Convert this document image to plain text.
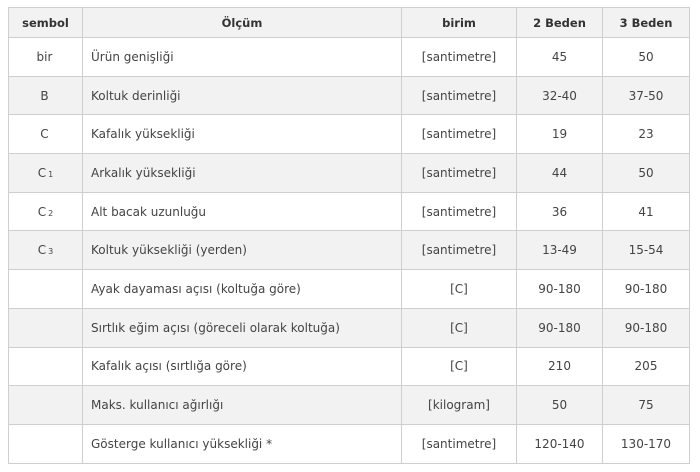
sembol	Ölçüm	birim	2 Beden	3 Beden
bir	Ürün genişliği	[santimetre]	45	50
B	Koltuk derinliği	[santimetre]	32-40	37-50
C	Kafalık yüksekliği	[santimetre]	19	23
C 1	Arkalık yüksekliği	[santimetre]	44	50
C 2	Alt bacak uzunluğu	[santimetre]	36	41
C 3	Koltuk yüksekliği (yerden)	[santimetre]	13-49	15-54
	Ayak dayaması açısı (koltuğa göre)	[C]	90-180	90-180
	Sırtlık eğim açısı (göreceli olarak koltuğa)	[C]	90-180	90-180
	Kafalık açısı (sırtlığa göre)	[C]	210	205
	Maks. kullanıcı ağırlığı	[kilogram]	50	75
	Gösterge kullanıcı yüksekliği *	[santimetre]	120-140	130-170
